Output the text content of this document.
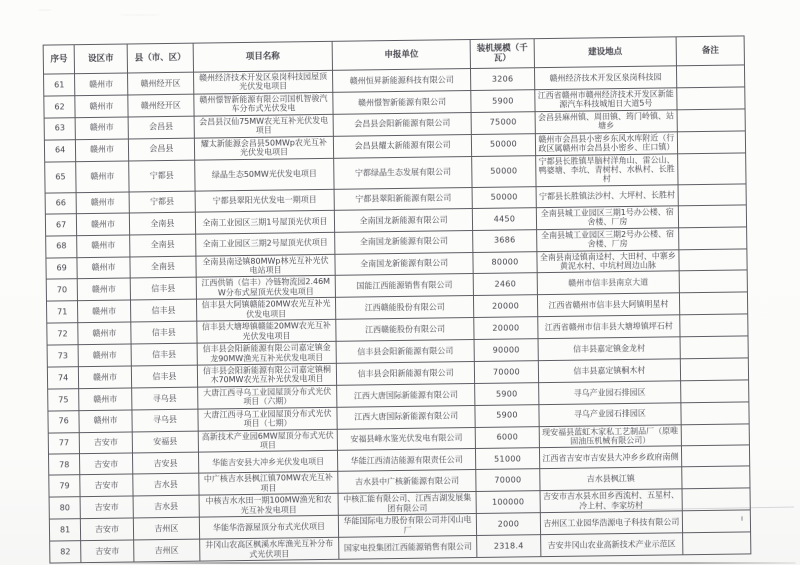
序号	设区市	县（市、区）	项目名称	申报单位	装机规模（千瓦）	建设地点	备注
61	赣州市	赣州经开区	赣州经济技术开发区泉岗科技园屋顶光伏发电项目	赣州恒昇新能源科技有限公司	3206	赣州经济技术开发区泉岗科技园	
62	赣州市	赣州经开区	赣州憬智新能源有限公司国机智骏汽车分布式光伏发电	赣州憬智新能源有限公司	5900	江西省赣州市赣州经济技术开发区新能源汽车科技城旭日大道5号	
63	赣州市	会昌县	会昌县汉仙75MW农光互补光伏发电项目	会昌县会阳新能源有限公司	75000	会昌县麻州镇、周田镇、筠门岭镇、站塘乡	
64	赣州市	会昌县	耀太新能源会昌县50MWp农光互补光伏发电项目	会昌县耀太新能源有限公司	50000	赣州市会昌县小密乡东风水库附近（行政区属赣州市会昌县小密乡、庄口镇）	
65	赣州市	宁都县	绿晶生态50MW光伏发电项目	宁都绿晶生态发展有限公司	50000	宁都县长胜镇旱脑村洋角山、雷公山、鸭婆塘、李坑、青树村、水枞村、长胜村	
66	赣州市	宁都县	宁都县翠阳光伏发电一期项目	宁都县翠阳新能源有限公司	50000	宁都县长胜镇法沙村、大坪村、长胜村	
67	赣州市	全南县	全南工业园区三期1号屋顶光伏项目	全南国龙新能源有限公司	4450	全南县城工业园区三期1号办公楼、宿舍楼、厂房	
68	赣州市	全南县	全南工业园区三期2号屋顶光伏项目	全南国龙新能源有限公司	3686	全南县城工业园区三期2号办公楼、宿舍楼、厂房	
69	赣州市	全南县	全南县南迳镇80MWp林光互补光伏电站项目	全南国龙新能源有限公司	80000	全南县南迳镇南迳村、大田村、中寨乡黄泥水村、中坑村周边山脉	
70	赣州市	信丰县	江西供销（信丰）冷链物流园2.46MW分布式屋顶光伏发电项目	国能江西能源销售有限公司	2460	赣州市信丰县南京大道	
71	赣州市	信丰县	信丰县大阿镇赣能20MW农光互补光伏发电项目	江西赣能股份有限公司	20000	江西省赣州市信丰县大阿镇明星村	
72	赣州市	信丰县	信丰县大塘埠镇赣能20MW农光互补光伏发电项目	江西赣能股份有限公司	20000	江西省赣州市信丰县大塘埠镇坪石村	
73	赣州市	信丰县	信丰县会阳新能源有限公司嘉定镇金龙90MW渔光互补光伏发电项目	信丰县会阳新能源有限公司	90000	信丰县嘉定镇金龙村	
74	赣州市	信丰县	信丰县会阳新能源有限公司嘉定镇桐木70MW农光互补光伏发电项目	信丰县会阳新能源有限公司	70000	信丰县嘉定镇桐木村	
75	赣州市	寻乌县	大唐江西寻乌工业园屋顶分布式光伏项目（六期）	江西大唐国际新能源有限公司	5900	寻乌产业园石排园区	
76	赣州市	寻乌县	大唐江西寻乌工业园屋顶分布式光伏项目（七期）	江西大唐国际新能源有限公司	5900	寻乌产业园石排园区	
77	吉安市	安福县	高新技术产业园6MW屋顶分布式光伏项目	安福县峰水鉴光伏发电有限公司	6000	现安福县蓝虹木家私工艺制品厂（原唯固油压机械有限公司）	
78	吉安市	吉安县	华能吉安县大冲乡光伏发电项目	华能江西清洁能源有限责任公司	51000	江西省吉安市吉安县大冲乡乡政府南侧	
79	吉安市	吉水县	中广核吉水县枫江镇70MW农光互补项目	吉水县中广核新能源有限公司	70000	吉水县枫江镇	
80	吉安市	吉水县	中核吉水水田一期100MW渔光和农光互补发电项目	中核汇能有限公司、江西吉湖发展集团有限公司	100000	吉安市吉水县水田乡西流村、五星村、冷上村、李家坊村	
81	吉安市	吉州区	华能华浩源屋顶分布式光伏项目	华能国际电力股份有限公司井冈山电厂	2000	吉州区工业园华浩源电子科技有限公司	
82	吉安市	吉州区	井冈山农高区枫溪水库渔光互补分布式光伏项目	国家电投集团江西能源销售有限公司	2318.4	吉安井冈山农业高新技术产业示范区	
